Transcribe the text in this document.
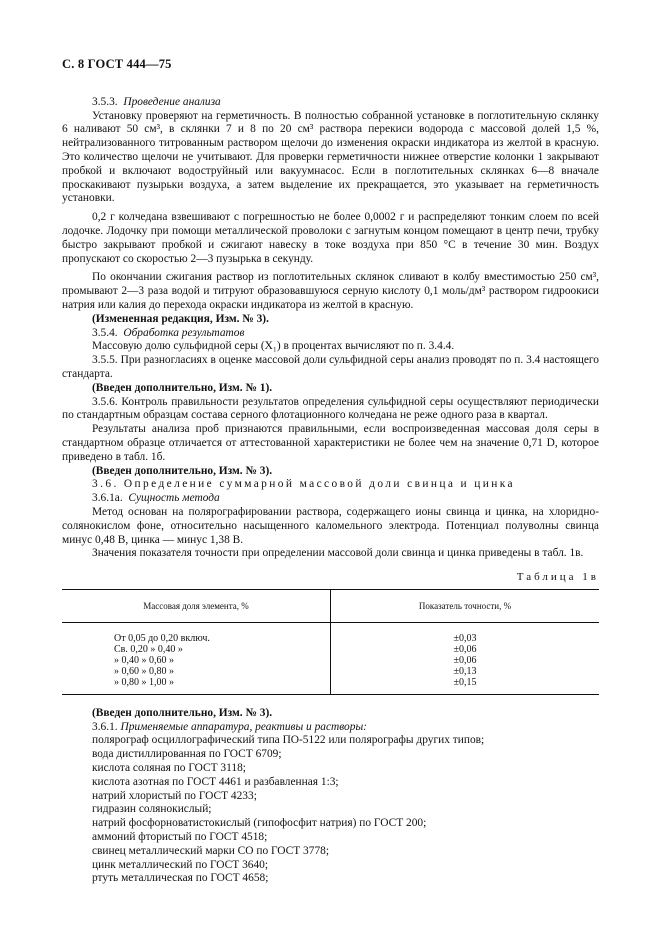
С. 8 ГОСТ 444—75

3.5.3. Проведение анализа

Установку проверяют на герметичность. В полностью собранной установке в поглотительную склянку 6 наливают 50 см³, в склянки 7 и 8 по 20 см³ раствора перекиси водорода с массовой долей 1,5 %, нейтрализованного титрованным раствором щелочи до изменения окраски индикатора из желтой в красную. Это количество щелочи не учитывают. Для проверки герметичности нижнее отверстие колонки 1 закрывают пробкой и включают водоструйный или вакуумнасос. Если в поглотительных склянках 6—8 вначале проскакивают пузырьки воздуха, а затем выделение их прекращается, это указывает на герметичность установки.

0,2 г колчедана взвешивают с погрешностью не более 0,0002 г и распределяют тонким слоем по всей лодочке. Лодочку при помощи металлической проволоки с загнутым концом помещают в центр печи, трубку быстро закрывают пробкой и сжигают навеску в токе воздуха при 850 °С в течение 30 мин. Воздух пропускают со скоростью 2—3 пузырька в секунду.

По окончании сжигания раствор из поглотительных склянок сливают в колбу вместимостью 250 см³, промывают 2—3 раза водой и титруют образовавшуюся серную кислоту 0,1 моль/дм³ раствором гидроокиси натрия или калия до перехода окраски индикатора из желтой в красную.

(Измененная редакция, Изм. № 3).

3.5.4. Обработка результатов

Массовую долю сульфидной серы (X₁) в процентах вычисляют по п. 3.4.4.

3.5.5. При разногласиях в оценке массовой доли сульфидной серы анализ проводят по п. 3.4 настоящего стандарта.

(Введен дополнительно, Изм. № 1).

3.5.6. Контроль правильности результатов определения сульфидной серы осуществляют периодически по стандартным образцам состава серного флотационного колчедана не реже одного раза в квартал.

Результаты анализа проб признаются правильными, если воспроизведенная массовая доля серы в стандартном образце отличается от аттестованной характеристики не более чем на значение 0,71 D, которое приведено в табл. 1б.

(Введен дополнительно, Изм. № 3).

3.6. Определение суммарной массовой доли свинца и цинка

3.6.1а. Сущность метода

Метод основан на полярографировании раствора, содержащего ионы свинца и цинка, на хлоридно-солянокислом фоне, относительно насыщенного каломельного электрода. Потенциал полуволны свинца минус 0,48 В, цинка — минус 1,38 В.

Значения показателя точности при определении массовой доли свинца и цинка приведены в табл. 1в.

Таблица 1в
Массовая доля элемента, %	Показатель точности, %
От 0,05 до 0,20 включ.	±0,03
Св. 0,20 » 0,40 »	±0,06
» 0,40 » 0,60 »	±0,06
» 0,60 » 0,80 »	±0,13
» 0,80 » 1,00 »	±0,15

(Введен дополнительно, Изм. № 3).

3.6.1. Применяемые аппаратура, реактивы и растворы:

полярограф осциллографический типа ПО-5122 или полярографы других типов;
вода дистиллированная по ГОСТ 6709;
кислота соляная по ГОСТ 3118;
кислота азотная по ГОСТ 4461 и разбавленная 1:3;
натрий хлористый по ГОСТ 4233;
гидразин солянокислый;
натрий фосфорноватистокислый (гипофосфит натрия) по ГОСТ 200;
аммоний фтористый по ГОСТ 4518;
свинец металлический марки СО по ГОСТ 3778;
цинк металлический по ГОСТ 3640;
ртуть металлическая по ГОСТ 4658;
